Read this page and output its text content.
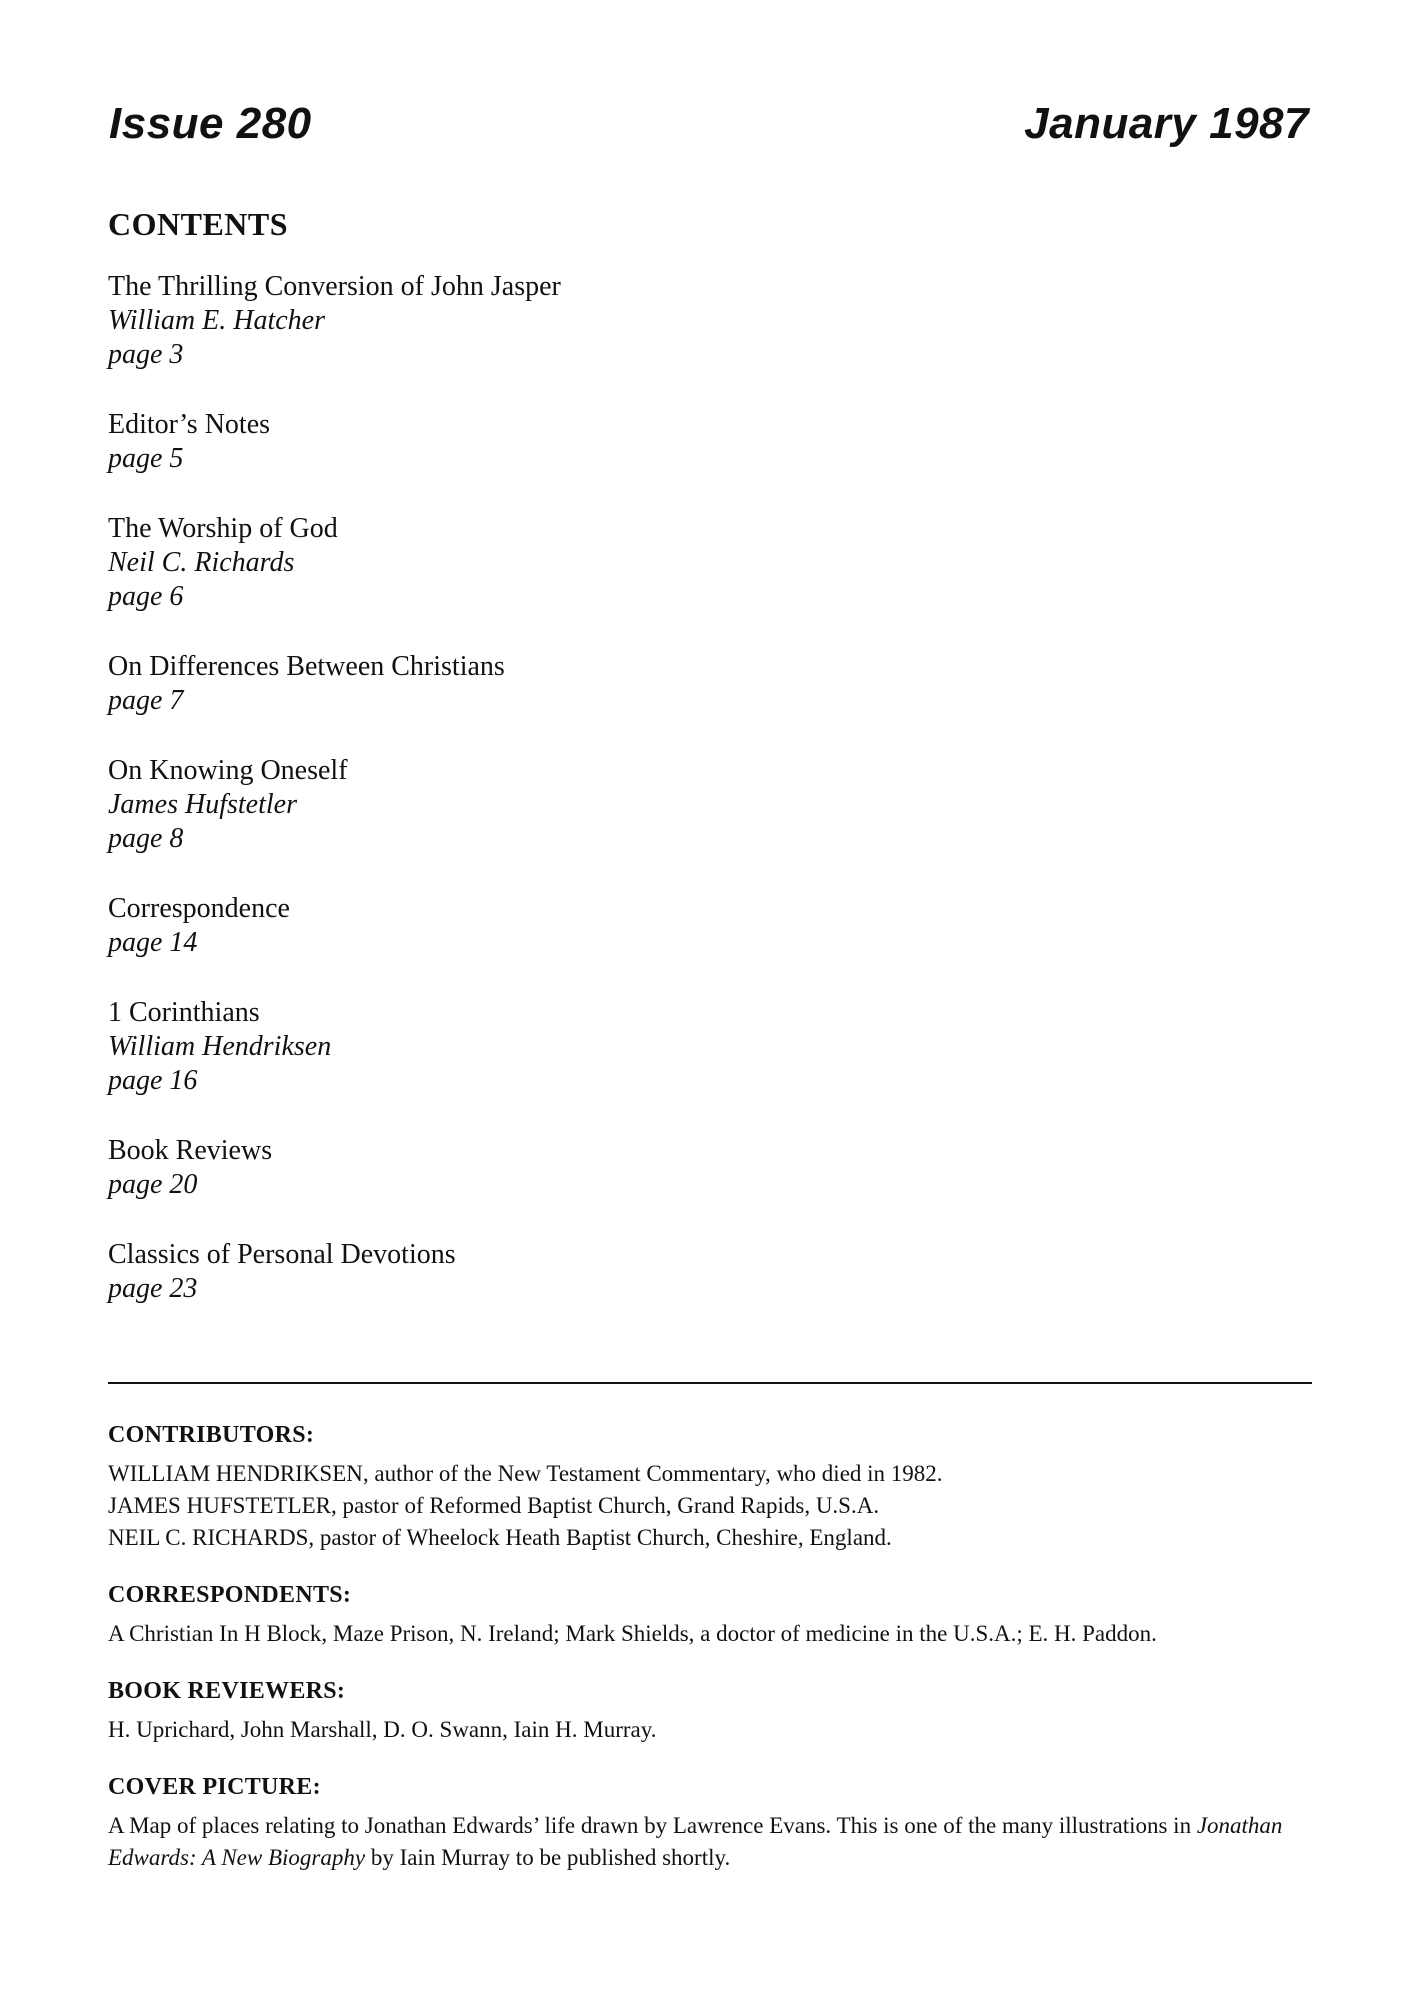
Issue 280	January 1987
CONTENTS
The Thrilling Conversion of John Jasper
William E. Hatcher
page 3
Editor’s Notes
page 5
The Worship of God
Neil C. Richards
page 6
On Differences Between Christians
page 7
On Knowing Oneself
James Hufstetler
page 8
Correspondence
page 14
1 Corinthians
William Hendriksen
page 16
Book Reviews
page 20
Classics of Personal Devotions
page 23
CONTRIBUTORS:
WILLIAM HENDRIKSEN, author of the New Testament Commentary, who died in 1982.
JAMES HUFSTETLER, pastor of Reformed Baptist Church, Grand Rapids, U.S.A.
NEIL C. RICHARDS, pastor of Wheelock Heath Baptist Church, Cheshire, England.
CORRESPONDENTS:
A Christian In H Block, Maze Prison, N. Ireland; Mark Shields, a doctor of medicine in the U.S.A.; E. H. Paddon.
BOOK REVIEWERS:
H. Uprichard, John Marshall, D. O. Swann, Iain H. Murray.
COVER PICTURE:
A Map of places relating to Jonathan Edwards’ life drawn by Lawrence Evans. This is one of the many illustrations in Jonathan Edwards: A New Biography by Iain Murray to be published shortly.
